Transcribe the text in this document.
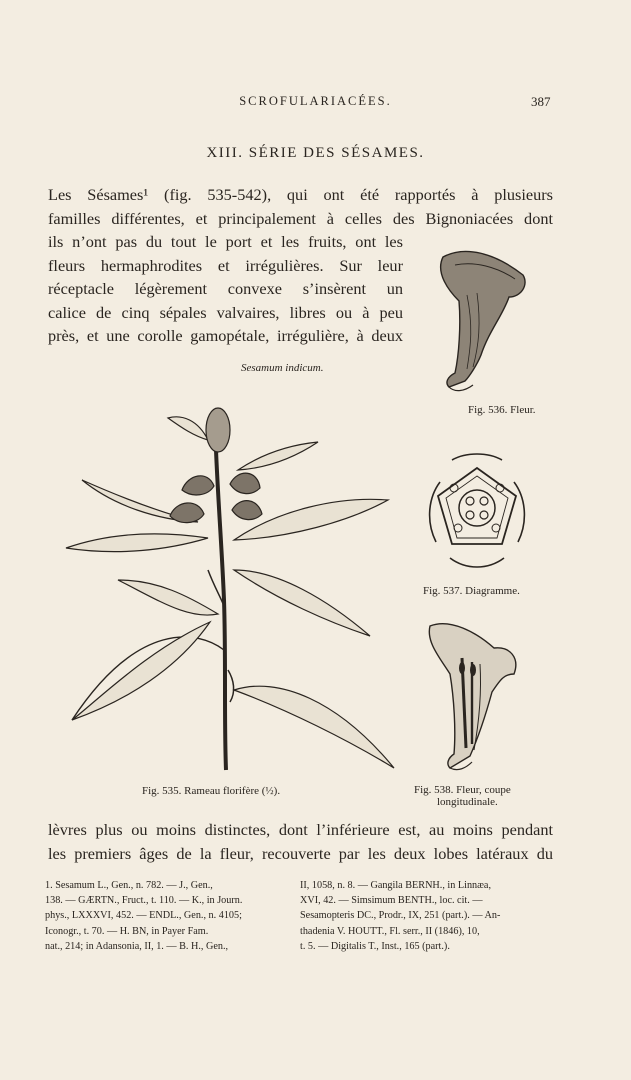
SCROFULARIACÉES.	387
XIII. SÉRIE DES SÉSAMES.
Les Sésames¹ (fig. 535-542), qui ont été rapportés à plusieurs
familles différentes, et principalement à celles des Bignoniacées dont
ils n’ont pas du tout le port et les fruits, ont les
fleurs hermaphrodites et irrégulières. Sur leur
réceptacle légèrement convexe s’insèrent un
calice de cinq sépales valvaires, libres ou à peu
près, et une corolle gamopétale, irrégulière, à deux
Fig. 536. Fleur.
Fig. 537. Diagramme.
Fig. 538. Fleur, coupe
longitudinale.
Sesamum indicum.
Fig. 535. Rameau florifère (½).
lèvres plus ou moins distinctes, dont l’inférieure est, au moins pendant
les premiers âges de la fleur, recouverte par les deux lobes latéraux du
1. Sesamum L., Gen., n. 782. — J., Gen.,
138. — GÆRTN., Fruct., t. 110. — K., in Journ.
phys., LXXXVI, 452. — ENDL., Gen., n. 4105;
Iconogr., t. 70. — H. BN, in Payer Fam.
nat., 214; in Adansonia, II, 1. — B. H., Gen.,
II, 1058, n. 8. — Gangila BERNH., in Linnæa,
XVI, 42. — Simsimum BENTH., loc. cit. —
Sesamopteris DC., Prodr., IX, 251 (part.). — An-
thadenia V. HOUTT., Fl. serr., II (1846), 10,
t. 5. — Digitalis T., Inst., 165 (part.).
